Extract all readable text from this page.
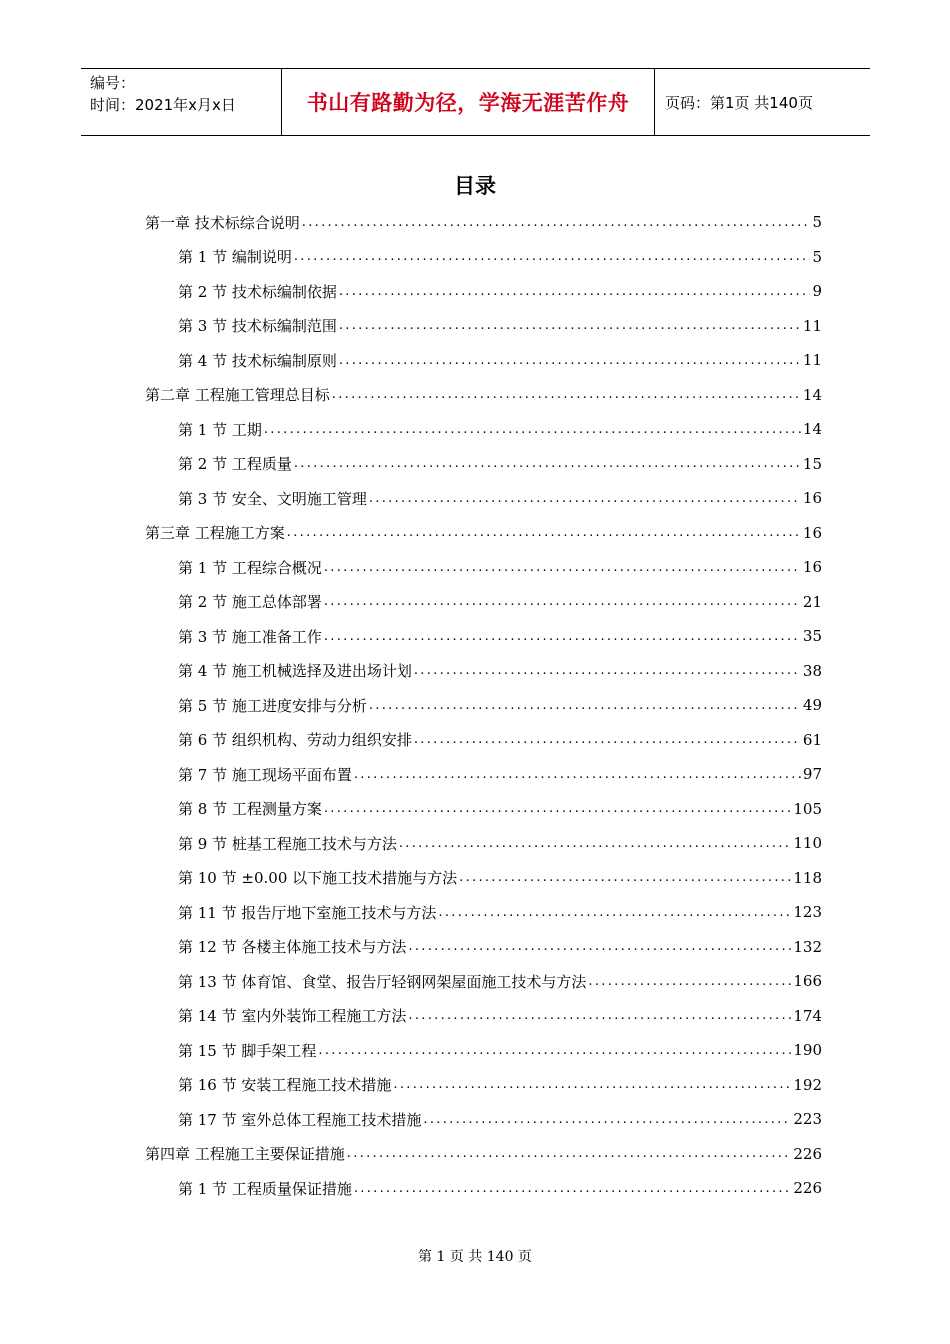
编号：
时间：2021年x月x日	书山有路勤为径，学海无涯苦作舟 页码：第1页 共140页
目录
第一章 技术标综合说明 .....	5
第 1 节 编制说明 .....	5
第 2 节 技术标编制依据 .....	9
第 3 节 技术标编制范围 .....	11
第 4 节 技术标编制原则 .....	11
第二章 工程施工管理总目标 .....	14
第 1 节 工期 .....	14
第 2 节 工程质量 .....	15
第 3 节 安全、文明施工管理 .....	16
第三章 工程施工方案 .....	16
第 1 节 工程综合概况 .....	16
第 2 节 施工总体部署 .....	21
第 3 节 施工准备工作 .....	35
第 4 节 施工机械选择及进出场计划 .....	38
第 5 节 施工进度安排与分析 .....	49
第 6 节 组织机构、劳动力组织安排 .....	61
第 7 节 施工现场平面布置 .....	97
第 8 节 工程测量方案 .....	105
第 9 节 桩基工程施工技术与方法 .....	110
第 10 节 ±0.00 以下施工技术措施与方法 .....	118
第 11 节 报告厅地下室施工技术与方法 .....	123
第 12 节 各楼主体施工技术与方法 .....	132
第 13 节 体育馆、食堂、报告厅轻钢网架屋面施工技术与方法 .....	166
第 14 节 室内外装饰工程施工方法 .....	174
第 15 节 脚手架工程 .....	190
第 16 节 安装工程施工技术措施 .....	192
第 17 节 室外总体工程施工技术措施 .....	223
第四章 工程施工主要保证措施 .....	226
第 1 节 工程质量保证措施 .....	226
第 1 页 共 140 页
